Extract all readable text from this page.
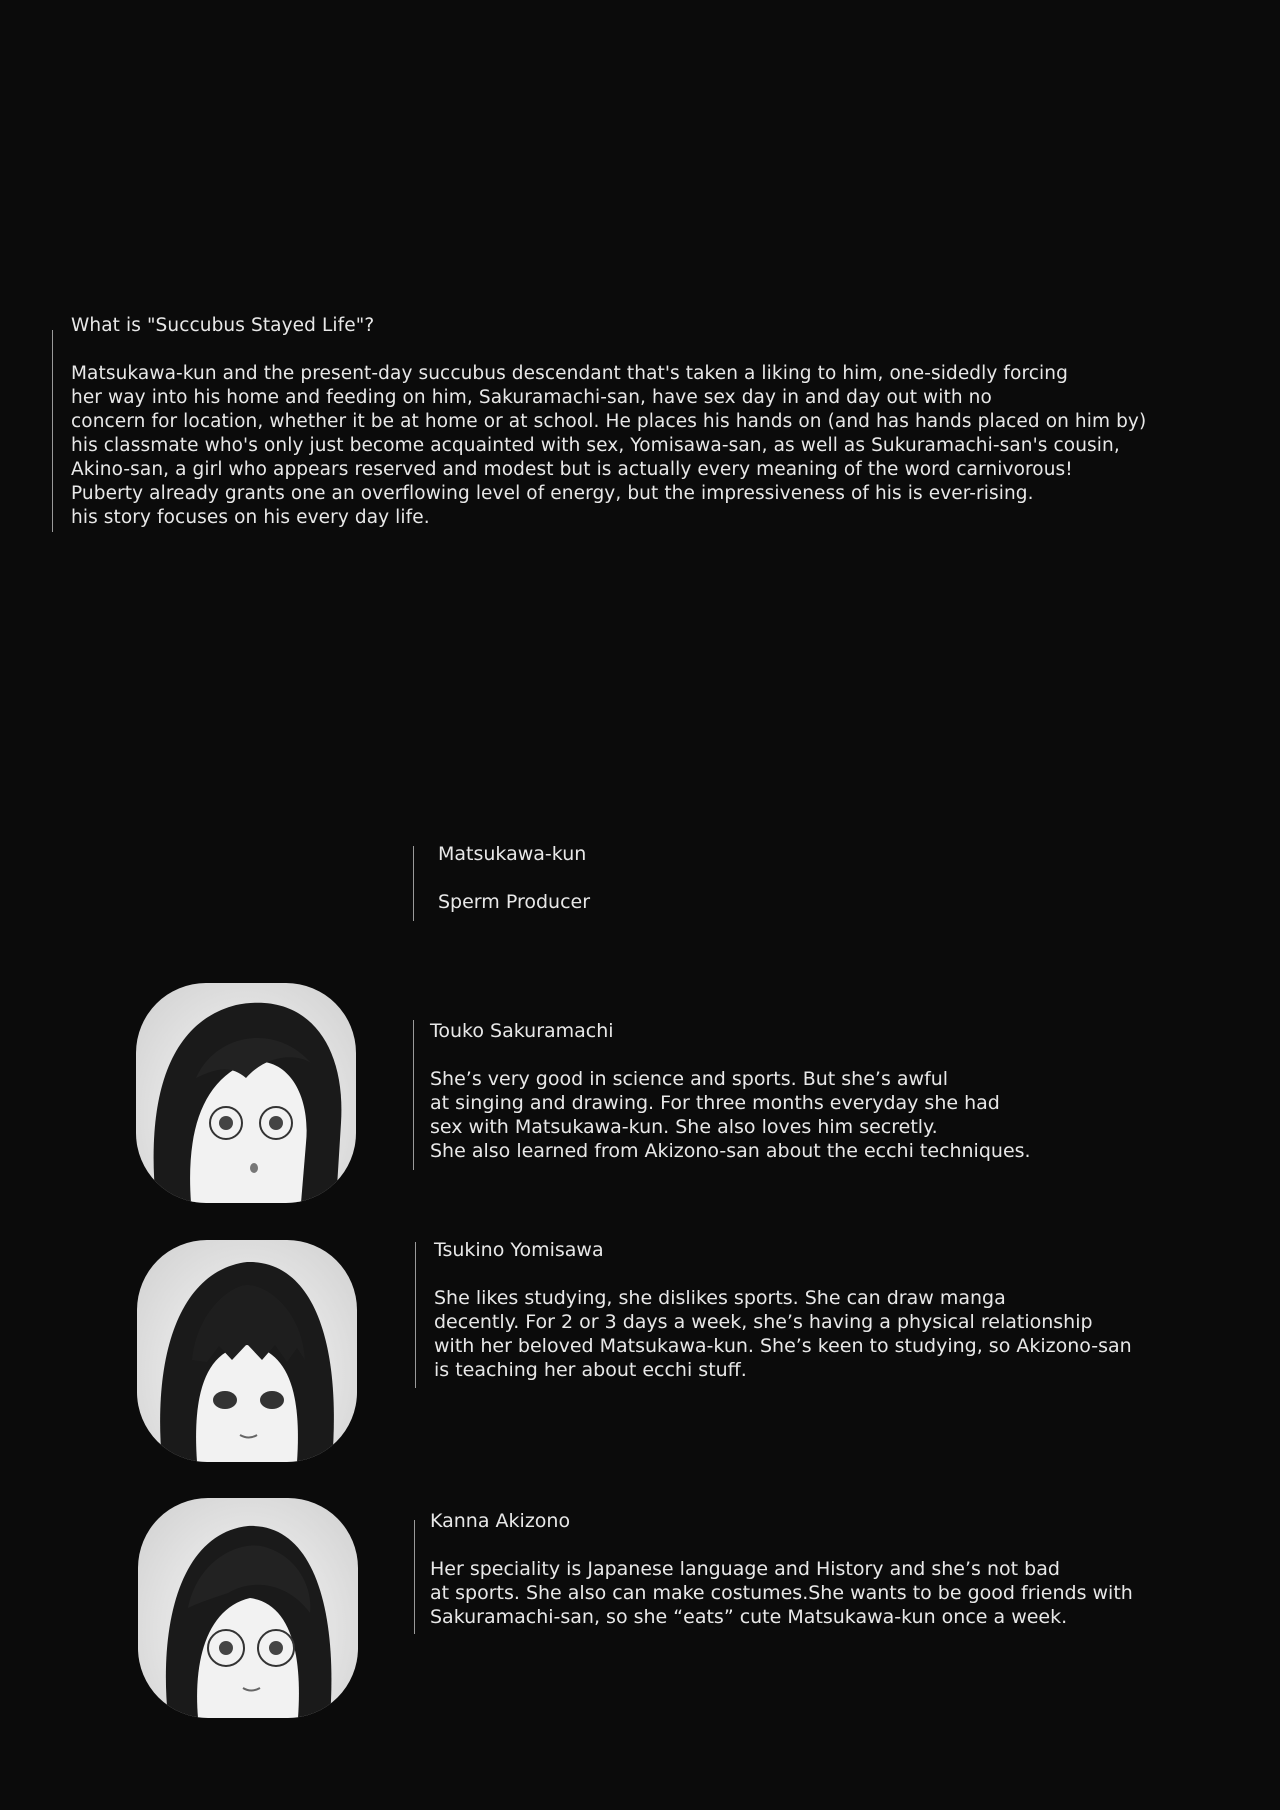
What is "Succubus Stayed Life"?
Matsukawa-kun and the present-day succubus descendant that's taken a liking to him, one-sidedly forcing
her way into his home and feeding on him, Sakuramachi-san, have sex day in and day out with no
concern for location, whether it be at home or at school. He places his hands on (and has hands placed on him by)
his classmate who's only just become acquainted with sex, Yomisawa-san, as well as Sukuramachi-san's cousin,
Akino-san, a girl who appears reserved and modest but is actually every meaning of the word carnivorous!
Puberty already grants one an overflowing level of energy, but the impressiveness of his is ever-rising.
his story focuses on his every day life.
Matsukawa-kun
Sperm Producer
Touko Sakuramachi
She’s very good in science and sports. But she’s awful
at singing and drawing. For three months everyday she had
sex with Matsukawa-kun. She also loves him secretly.
She also learned from Akizono-san about the ecchi techniques.
Tsukino Yomisawa
She likes studying, she dislikes sports. She can draw manga
decently. For 2 or 3 days a week, she’s having a physical relationship
with her beloved Matsukawa-kun. She’s keen to studying, so Akizono-san
is teaching her about ecchi stuff.
Kanna Akizono
Her speciality is Japanese language and History and she’s not bad
at sports. She also can make costumes.She wants to be good friends with
Sakuramachi-san, so she “eats” cute Matsukawa-kun once a week.
